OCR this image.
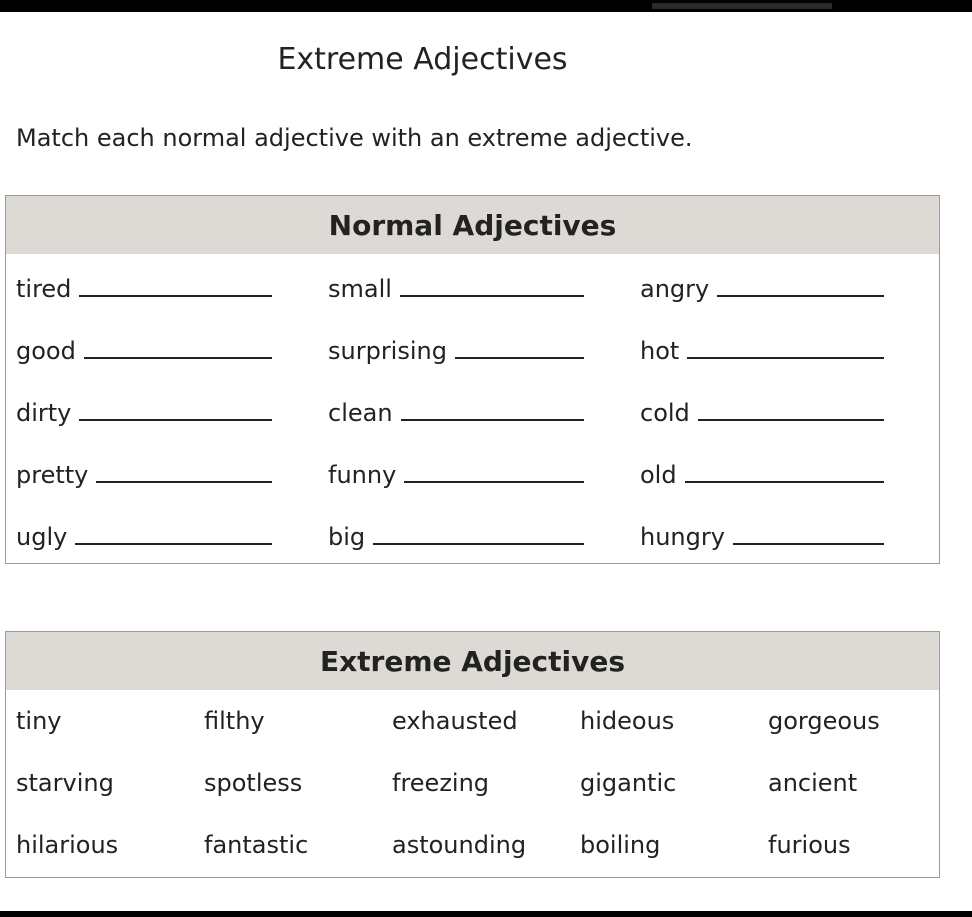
Extreme Adjectives
Match each normal adjective with an extreme adjective.
Normal Adjectives
tired	small	angry
good	surprising	hot
dirty	clean	cold
pretty	funny	old
ugly	big	hungry
Extreme Adjectives
tiny	filthy	exhausted	hideous	gorgeous
starving	spotless	freezing	gigantic	ancient
hilarious	fantastic	astounding	boiling	furious
